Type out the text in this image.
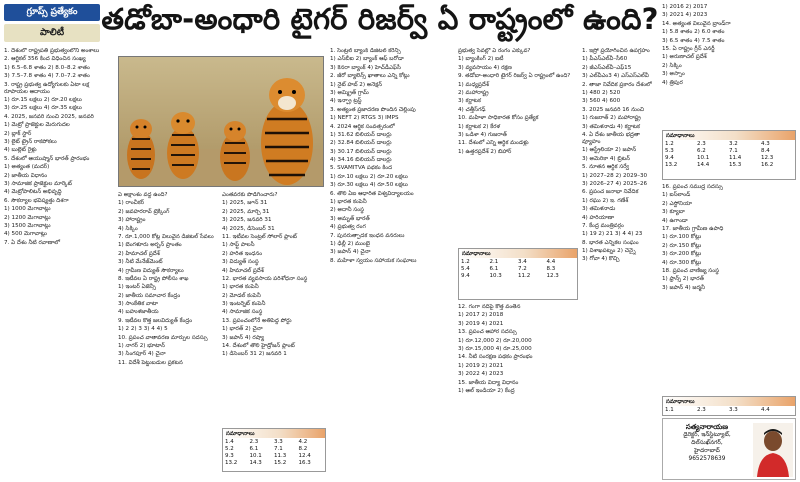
గ్రూప్స్ ప్రత్యేకం
పాలిటీ	తడోబా-అంధారి టైగర్ రిజర్వ్ ఏ రాష్ట్రంలో ఉంది?

1. దేశంలో రాష్ట్రపతి ప్రభుత్వంలోని అంశాలు

2. ఆర్టికల్ 356 కింద విధించిన సంఖ్య

1) 6.5–6.8 శాతం 2) 8.0–8.2 శాతం

3) 7.5–7.8 శాతం 4) 7.0–7.2 శాతం

3. రాష్ట్ర ప్రభుత్వ ఉద్యోగులకు ఏటా లక్ష రూపాయల ఆదాయం

1) రూ.15 లక్షలు 2) రూ.20 లక్షలు

3) రూ.25 లక్షలు 4) రూ.35 లక్షలు

4. 2025, జనవరి నుంచి 2025, జనవరి

1) మెట్రో ప్రాజెక్టుల మెరుగుదల

2) బ్లాక్ స్టార్

3) లైట్ ట్రైన్ రాకపోకలు

4) బుల్లెట్ రైళ్లు

5. దేశంలో ఆయుష్మాన్ భారత్ ప్రారంభం

1) అత్యంత (మదర్)

2) జాతీయ విధానం

3) సామాజిక ప్రాజెక్టుల మార్కెట్

4) మెట్రోపాలిటన్ అభివృద్ధి

6. సౌకర్యాల భవిష్యత్తు దిశగా

1) 1000 మెగావాట్లు

2) 1200 మెగావాట్లు

3) 1500 మెగావాట్లు

4) 500 మెగావాట్లు

7. ఏ దేశం నీటి రవాణాలో

ఏ అక్షాంశం వద్ద ఉంది?

1) రాంచీకర్

2) జవహరరావ్ ట్రెక్కింగ్

3) హారాష్ట్రం

4) సిక్కిం

7. రూ.1,000 కోట్ల విలువైన డిజిటల్ సేవలు

1) బెంగళూరు అర్బన్ ప్రాంతం

2) హిమాచల్ ప్రదేశ్

3) నీటి మేనేజ్‌మెంట్

4) గ్రామీణ విద్యుత్ సౌకర్యాలు

8. ఇటీవల ఏ రాష్ట్ర పోలీసు శాఖ

1) ఇంటర్ ఏజెన్సీ

2) జాతీయ సమాచార కేంద్రం

3) సాంకేతిక వాటా

4) బహుళజాతీయ

9. ఇటీవల కొత్త జలవిద్యుత్ కేంద్రం

1) 2 2) 3 3) 4 4) 5

10. ప్రపంచ వాతావరణ మార్పుల సదస్సు

1) నాగర్ 2) భూటాన్

3) సింగపూర్ 4) చైనా

11. విదేశీ పెట్టుబడుల ప్రకటన

ఎంతవరకు పొడిగించారు?

1) 2025, జూన్ 31

2) 2025, మార్చి 31

3) 2025, జనవరి 31

4) 2025, డిసెంబర్ 31

11. ఇటీవల సెంట్రల్ సోలార్ ప్లాంట్

1) సాఫ్ట్ పాలసీ

2) హరిత ఇంధనం

3) విద్యుత్ సంస్థ

4) హిమాచల్ ప్రదేశ్

12. భారత వ్యవసాయ పరిశోధనా సంస్థ

1) భారత కంపెనీ

2) మోడల్ కంపెనీ

3) ఇంటర్నెట్ కంపెనీ

4) సామాజిక సంస్థ

13. ప్రపంచంలోనే అతిపెద్ద పోర్టు

1) భారత్ 2) చైనా

3) జపాన్ 4) రష్యా

14. దేశంలో తొలి హైడ్రోజన్ ప్లాంట్

1) డిసెంబర్ 31 2) జనవరి 1

సమాధానాలు
1.4	2.3	3.3	4.2
5.2	6.1	7.1	8.2
9.3	10.1	11.3	12.4
13.2	14.3	15.2	16.3

1. సెంట్రల్ బ్యాంక్ డిజిటల్ కరెన్సీ

1) ఎస్‌బీఐ 2) బ్యాంక్ ఆఫ్ బరోడా

3) కెనరా బ్యాంక్ 4) హెచ్‌డీఎఫ్‌సీ

2. జీరో బ్యాలెన్స్ ఖాతాలు ఎన్ని కోట్లు

1) నైట్ హబ్ 2) అనెక్షన్

3) అమ్మ్రిత్ గ్రామ్

4) ఇన్ఫ్రా ట్రస్ట్

3. అత్యంత ప్రజాదరణ పొందిన చెల్లింపు

1) NEFT 2) RTGS 3) IMPS

4. 2024 ఆర్థిక సంవత్సరంలో

1) 31.62 బిలియన్ డాలర్లు

2) 32.84 బిలియన్ డాలర్లు

3) 30.17 బిలియన్ డాలర్లు

4) 34.16 బిలియన్ డాలర్లు

5. SVAMITVA పథకం కింద

1) రూ.10 లక్షలు 2) రూ.20 లక్షలు

3) రూ.30 లక్షలు 4) రూ.50 లక్షలు

6. తొలి ఏఐ ఆధారిత విశ్వవిద్యాలయం

1) భారత కంపెనీ

2) అదానీ సంస్థ

3) అమృత్ భారత్

4) ప్రభుత్వ రంగ

7. పునరుత్పాదక ఇంధన వనరులు

1) ఢిల్లీ 2) ముంబై

3) జపాన్ 4) చైనా

8. మహిళా స్వయం సహాయక సంఘాలు

ప్రభుత్వ సేవల్లో ఏ రంగం ఎక్కువ?

1) బ్యాంకింగ్ 2) ఐటీ

3) వ్యవసాయం 4) రక్షణ

9. తడోబా-అంధారి టైగర్ రిజర్వ్ ఏ రాష్ట్రంలో ఉంది?

1) మధ్యప్రదేశ్

2) మహారాష్ట్ర

3) కర్ణాటక

4) చత్తీస్‌గఢ్

10. మహిళా సాధికారత కోసం ప్రత్యేక

1) కర్ణాటక 2) కేరళ

3) ఒడిశా 4) గుజరాత్

11. దేశంలో ఎన్ని ఆర్థిక మండళ్లు

1) ఉత్తరప్రదేశ్ 2) బిహార్

సమాధానాలు
1.2	2.1	3.4	4.4
5.4	6.1	7.2	8.3
9.4	10.3	11.2	12.3

12. గంగా నదిపై కొత్త వంతెన

1) 2017 2) 2018

3) 2019 4) 2021

13. ప్రపంచ ఆహార సదస్సు

1) రూ.12,000 2) రూ.20,000

3) రూ.15,000 4) రూ.25,000

14. నీటి సంరక్షణ పథకం ప్రారంభం

1) 2019 2) 2021

3) 2022 4) 2023

15. జాతీయ విద్యా విధానం

1) ఆల్ ఇండియా 2) కేంద్ర

1. ఇస్రో ప్రయోగించిన ఉపగ్రహం

1) పీఎస్‌ఎల్‌వీ–సీ60

2) జీఎస్‌ఎల్‌వీ–ఎఫ్15

3) ఎల్‌వీఎం3 4) ఎస్‌ఎస్‌ఎల్‌వీ

2. తాజా నివేదిక ప్రకారం దేశంలో

1) 480 2) 520

3) 560 4) 600

3. 2025 జనవరి 16 నుంచి

1) గుజరాత్ 2) మహారాష్ట్ర

3) తమిళనాడు 4) కర్ణాటక

4. ఏ దేశం జాతీయ భద్రతా వ్యూహం

1) ఆస్ట్రేలియా 2) జపాన్

3) అమెరికా 4) బ్రిటన్

5. నూతన ఆర్థిక సర్వే

1) 2027–28 2) 2029–30

3) 2026–27 4) 2025–26

6. ప్రపంచ జనాభా నివేదిక

1) రఘు 2) ఇ. గణేశ్

3) తమిళనాడు

4) హరియాణా

7. కేంద్ర మంత్రివర్గం

1) 19 2) 21 3) 4 4) 23

8. భారత ఎన్నికల సంఘం

1) విశాఖపట్నం 2) చెన్నై

3) గోవా 4) కొచ్చి

1) 2016 2) 2017

3) 2021 4) 2023

14. అత్యంత విలువైన బ్రాండ్‌గా

1) 5.8 శాతం 2) 6.0 శాతం

3) 6.5 శాతం 4) 7.5 శాతం

15. ఏ రాష్ట్రం గ్రీన్ ఎనర్జీ

1) అరుణాచల్ ప్రదేశ్

2) సిక్కిం

3) అస్సాం

4) త్రిపుర

సమాధానాలు
1.2	2.3	3.2	4.3
5.3	6.2	7.1	8.4
9.4	10.1	11.4	12.3
13.2	14.4	15.3	16.2

16. ప్రపంచ సముద్ర సదస్సు

1) ఐస్‌లాండ్

2) ఎస్టోనియా

3) క్యూబా

4) ఉగాండా

17. జాతీయ గ్రామీణ ఉపాధి

1) రూ.100 కోట్లు

2) రూ.150 కోట్లు

3) రూ.200 కోట్లు

4) రూ.300 కోట్లు

18. ప్రపంచ వాణిజ్య సంస్థ

1) ఫ్రాన్స్ 2) భారత్

3) జపాన్ 4) జర్మనీ

సమాధానాలు
1.1	2.3	3.3	4.4
సత్యనారాయణ
డైరెక్టర్, ఇన్‌స్టిట్యూట్, దిల్‌సుఖ్‌నగర్,
హైదరాబాద్
9652578639
